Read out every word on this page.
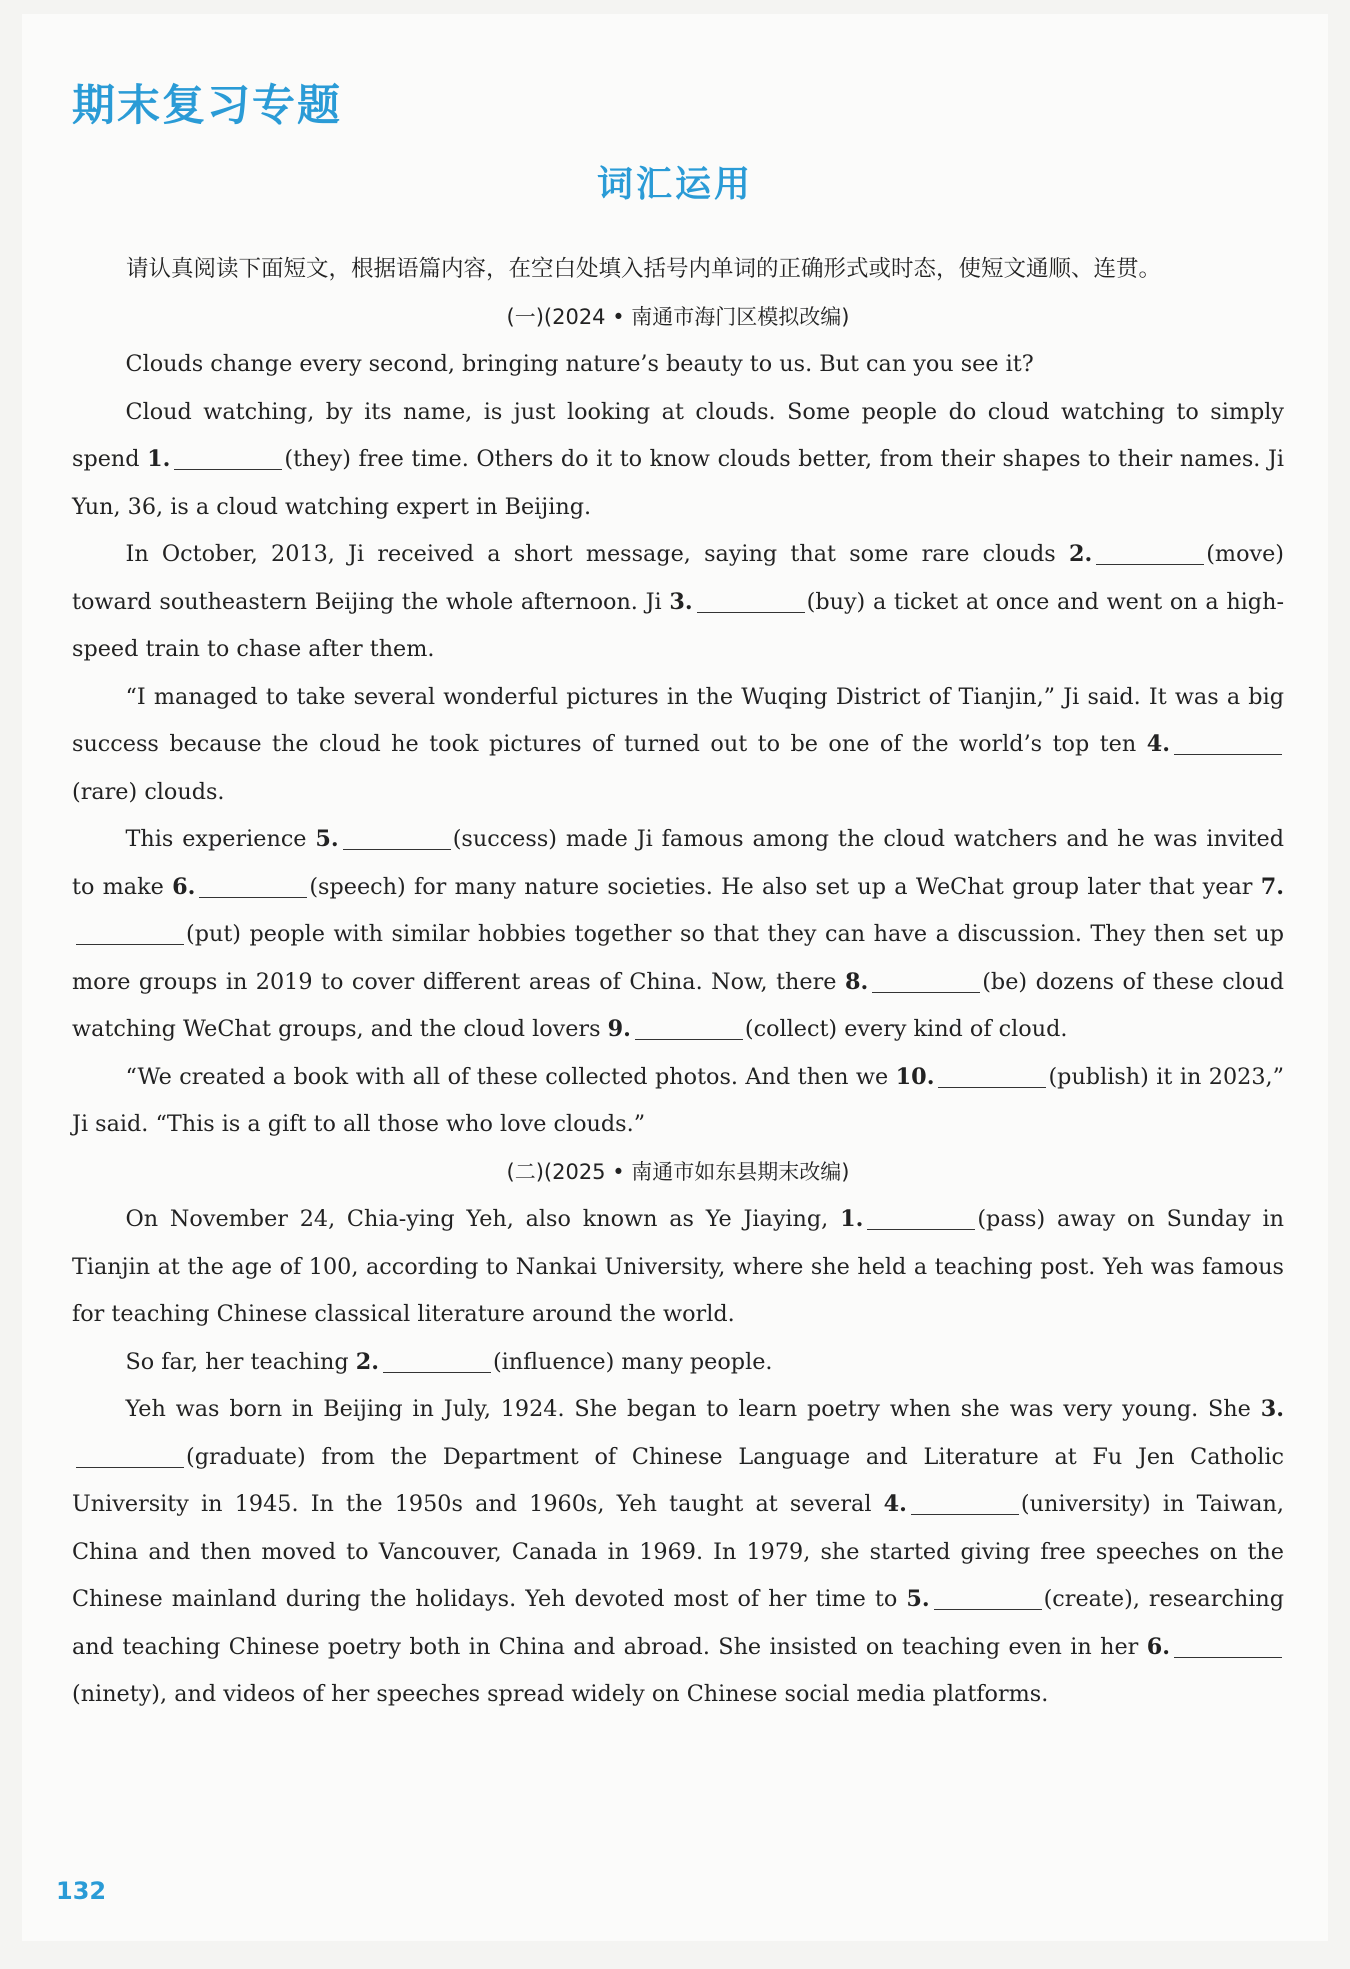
期末复习专题
词汇运用

请认真阅读下面短文，根据语篇内容，在空白处填入括号内单词的正确形式或时态，使短文通顺、连贯。

(一)(2024 • 南通市海门区模拟改编)

Clouds change every second, bringing nature’s beauty to us. But can you see it?

Cloud watching, by its name, is just looking at clouds. Some people do cloud watching to simply spend 1.	(they) free time. Others do it to know clouds better, from their shapes to their names. Ji Yun, 36, is a cloud watching expert in Beijing.

In October, 2013, Ji received a short message, saying that some rare clouds 2.	(move) toward southeastern Beijing the whole afternoon. Ji 3.	(buy) a ticket at once and went on a high-speed train to chase after them.

“I managed to take several wonderful pictures in the Wuqing District of Tianjin,” Ji said. It was a big success because the cloud he took pictures of turned out to be one of the world’s top ten 4.(rare) clouds.

This experience 5.	(success) made Ji famous among the cloud watchers and he was invited to make 6.	(speech) for many nature societies. He also set up a WeChat group later that year 7.(put) people with similar hobbies together so that they can have a discussion. They then set up more groups in 2019 to cover different areas of China. Now, there 8.	(be) dozens of these cloud watching WeChat groups, and the cloud lovers 9.	(collect) every kind of cloud.

“We created a book with all of these collected photos. And then we 10.	(publish) it in 2023,” Ji said. “This is a gift to all those who love clouds.”

(二)(2025 • 南通市如东县期末改编)

On November 24, Chia-ying Yeh, also known as Ye Jiaying, 1.	(pass) away on Sunday in Tianjin at the age of 100, according to Nankai University, where she held a teaching post. Yeh was famous for teaching Chinese classical literature around the world.

So far, her teaching 2.	(influence) many people.

Yeh was born in Beijing in July, 1924. She began to learn poetry when she was very young. She 3.(graduate) from the Department of Chinese Language and Literature at Fu Jen Catholic University in 1945. In the 1950s and 1960s, Yeh taught at several 4.	(university) in Taiwan, China and then moved to Vancouver, Canada in 1969. In 1979, she started giving free speeches on the Chinese mainland during the holidays. Yeh devoted most of her time to 5.	(create), researching and teaching Chinese poetry both in China and abroad. She insisted on teaching even in her 6.(ninety), and videos of her speeches spread widely on Chinese social media platforms.

132
